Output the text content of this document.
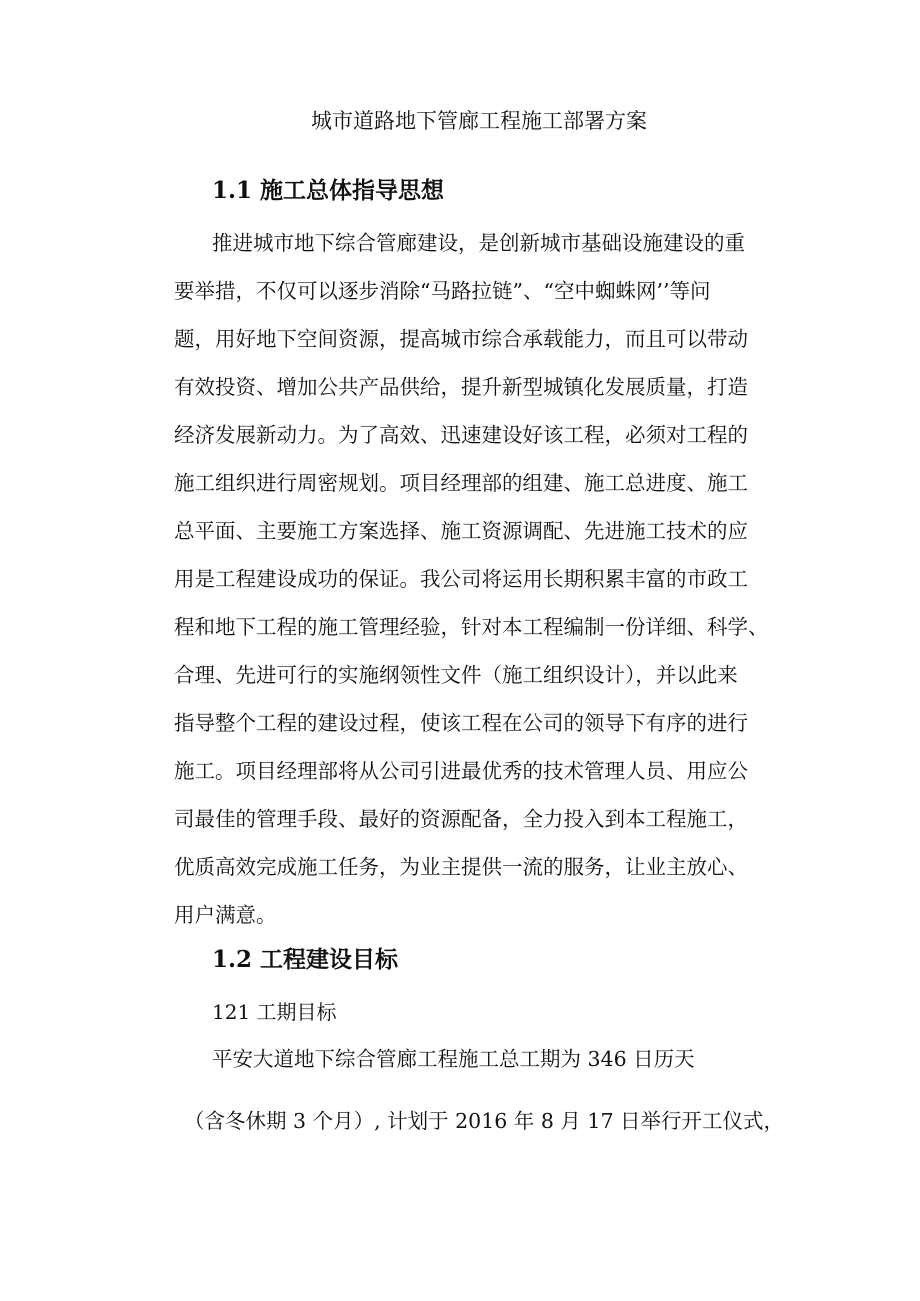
城市道路地下管廊工程施工部署方案
1.1 施工总体指导思想
推进城市地下综合管廊建设，是创新城市基础设施建设的重
要举措，不仅可以逐步消除“马路拉链”、“空中蜘蛛网’’等问
题，用好地下空间资源，提高城市综合承载能力，而且可以带动
有效投资、增加公共产品供给，提升新型城镇化发展质量，打造
经济发展新动力。为了高效、迅速建设好该工程，必须对工程的
施工组织进行周密规划。项目经理部的组建、施工总进度、施工
总平面、主要施工方案选择、施工资源调配、先进施工技术的应
用是工程建设成功的保证。我公司将运用长期积累丰富的市政工
程和地下工程的施工管理经验，针对本工程编制一份详细、科学、
合理、先进可行的实施纲领性文件（施工组织设计），并以此来
指导整个工程的建设过程，使该工程在公司的领导下有序的进行
施工。项目经理部将从公司引进最优秀的技术管理人员、用应公
司最佳的管理手段、最好的资源配备，全力投入到本工程施工，
优质高效完成施工任务，为业主提供一流的服务，让业主放心、
用户满意。
1.2 工程建设目标
121 工期目标
平安大道地下综合管廊工程施工总工期为 346 日历天
（含冬休期 3 个月）, 计划于 2016 年 8 月 17 日举行开工仪式，
